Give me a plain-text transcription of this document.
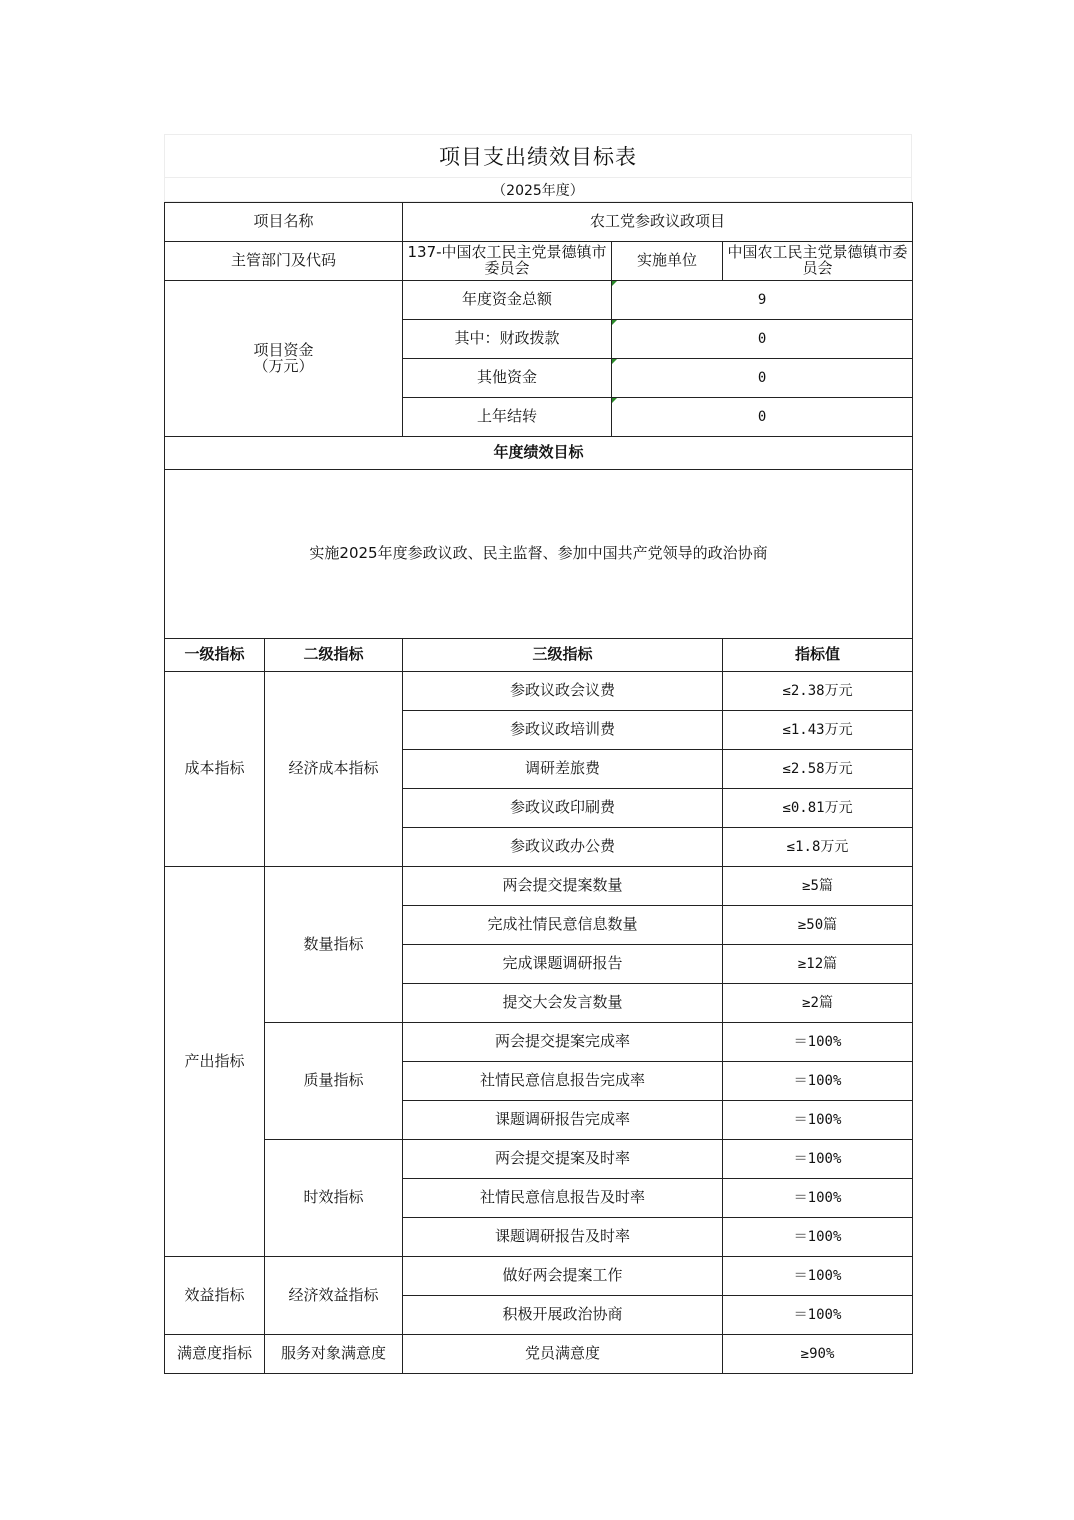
项目支出绩效目标表
（2025年度）
项目名称		农工党参政议政项目		
主管部门及代码		137-中国农工民主党景德镇市委员会	实施单位	中国农工民主党景德镇市委员会
项目资金
（万元）		年度资金总额	9	
		其中：财政拨款	0	
		其他资金	0	
		上年结转	0	
年度绩效目标				
实施2025年度参政议政、民主监督、参加中国共产党领导的政治协商				
一级指标	二级指标	三级指标		指标值
成本指标	经济成本指标	参政议政会议费		≤2.38万元
		参政议政培训费		≤1.43万元
		调研差旅费		≤2.58万元
		参政议政印刷费		≤0.81万元
		参政议政办公费		≤1.8万元
产出指标	数量指标	两会提交提案数量		≥5篇
		完成社情民意信息数量		≥50篇
		完成课题调研报告		≥12篇
		提交大会发言数量		≥2篇
	质量指标	两会提交提案完成率		＝100%
		社情民意信息报告完成率		＝100%
		课题调研报告完成率		＝100%
	时效指标	两会提交提案及时率		＝100%
		社情民意信息报告及时率		＝100%
		课题调研报告及时率		＝100%
效益指标	经济效益指标	做好两会提案工作		＝100%
		积极开展政治协商		＝100%
满意度指标	服务对象满意度	党员满意度		≥90%
